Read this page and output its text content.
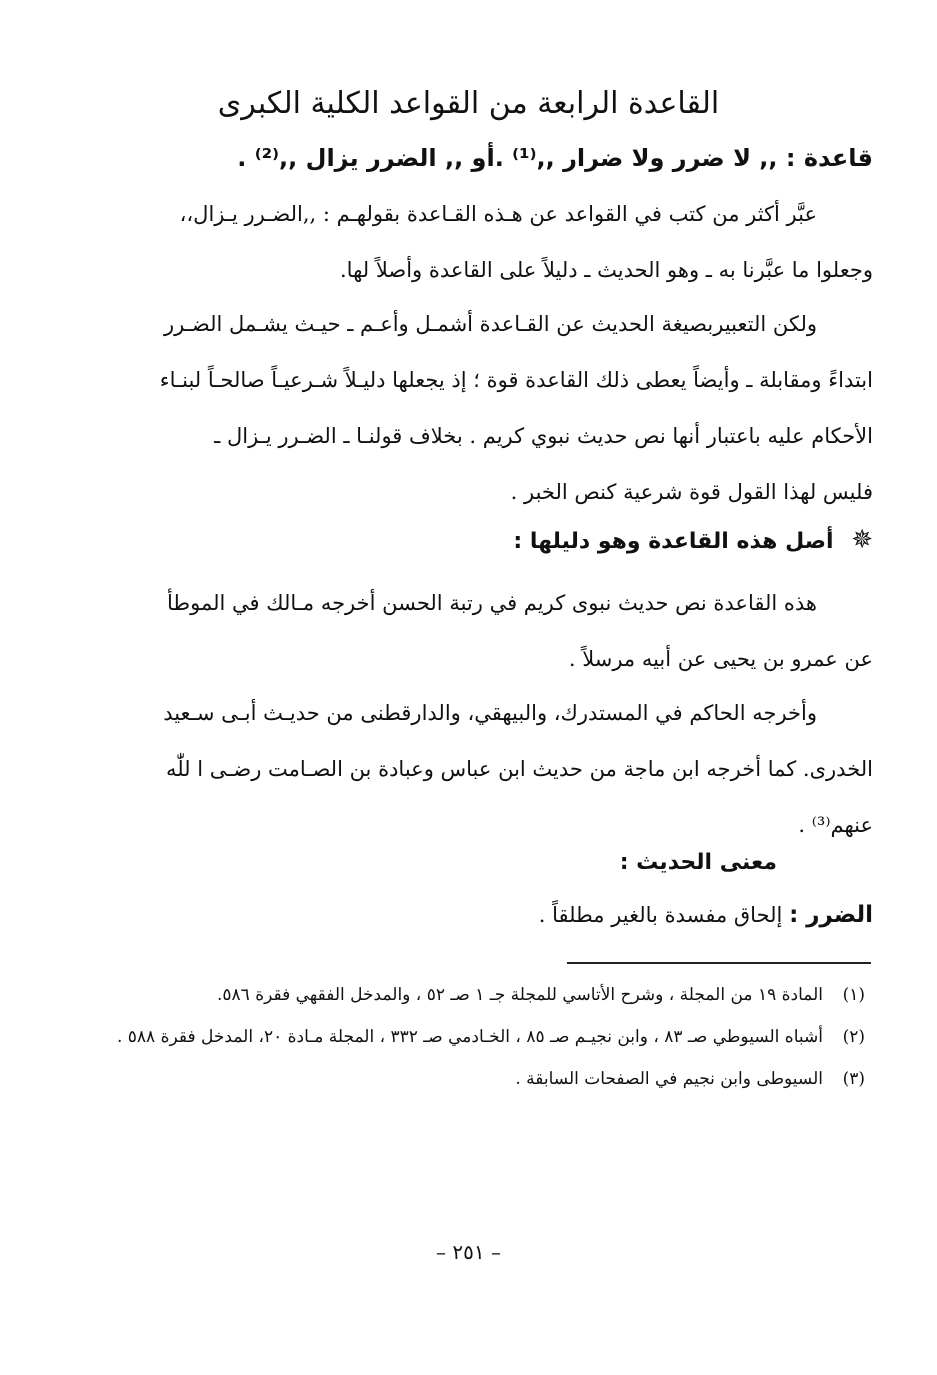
القاعدة الرابعة من القواعد الكلية الكبرى
قاعدة : ,, لا ضرر ولا ضرار ,,⁽¹⁾ .أو ,, الضرر يزال ,,⁽²⁾ .

عبَّر أكثر من كتب في القواعد عن هـذه القـاعدة بقولهـم : ,,الضـرر يـزال،،

وجعلوا ما عبَّرنا به ـ وهو الحديث ـ دليلاً على القاعدة وأصلاً لها.

ولكن التعبيربصيغة الحديث عن القـاعدة أشمـل وأعـم ـ حيـث يشـمل الضـرر

ابتداءً ومقابلة ـ وأيضاً يعطى ذلك القاعدة قوة ؛ إذ يجعلها دليـلاً شـرعيـاً صالحـاً لبنـاء

الأحكام عليه باعتبار أنها نص حديث نبوي كريم . بخلاف قولنـا ـ الضـرر يـزال ـ

فليس لهذا القول قوة شرعية كنص الخبر .

✵ أصل هذه القاعدة وهو دليلها :

هذه القاعدة نص حديث نبوى كريم في رتبة الحسن أخرجه مـالك في الموطأ

عن عمرو بن يحيى عن أبيه مرسلاً .

وأخرجه الحاكم في المستدرك، والبيهقي، والدارقطنى من حديـث أبـى سـعيد

الخدرى. كما أخرجه ابن ماجة من حديث ابن عباس وعبادة بن الصـامت رضـى ا للّٰه

عنهم⁽³⁾ .

معنى الحديث :
الضرر : إلحاق مفسدة بالغير مطلقاً .
(١)
المادة ١٩ من المجلة ، وشرح الأتاسي للمجلة جـ ١ صـ ٥٢ ، والمدخل الفقهي فقرة ٥٨٦.
(٢)
أشباه السيوطي صـ ٨٣ ، وابن نجيـم صـ ٨٥ ، الخـادمي صـ ٣٣٢ ، المجلة مـادة ٢٠، المدخل فقرة ٥٨٨ .
(٣)
السيوطى وابن نجيم في الصفحات السابقة .
– ٢٥١ –
